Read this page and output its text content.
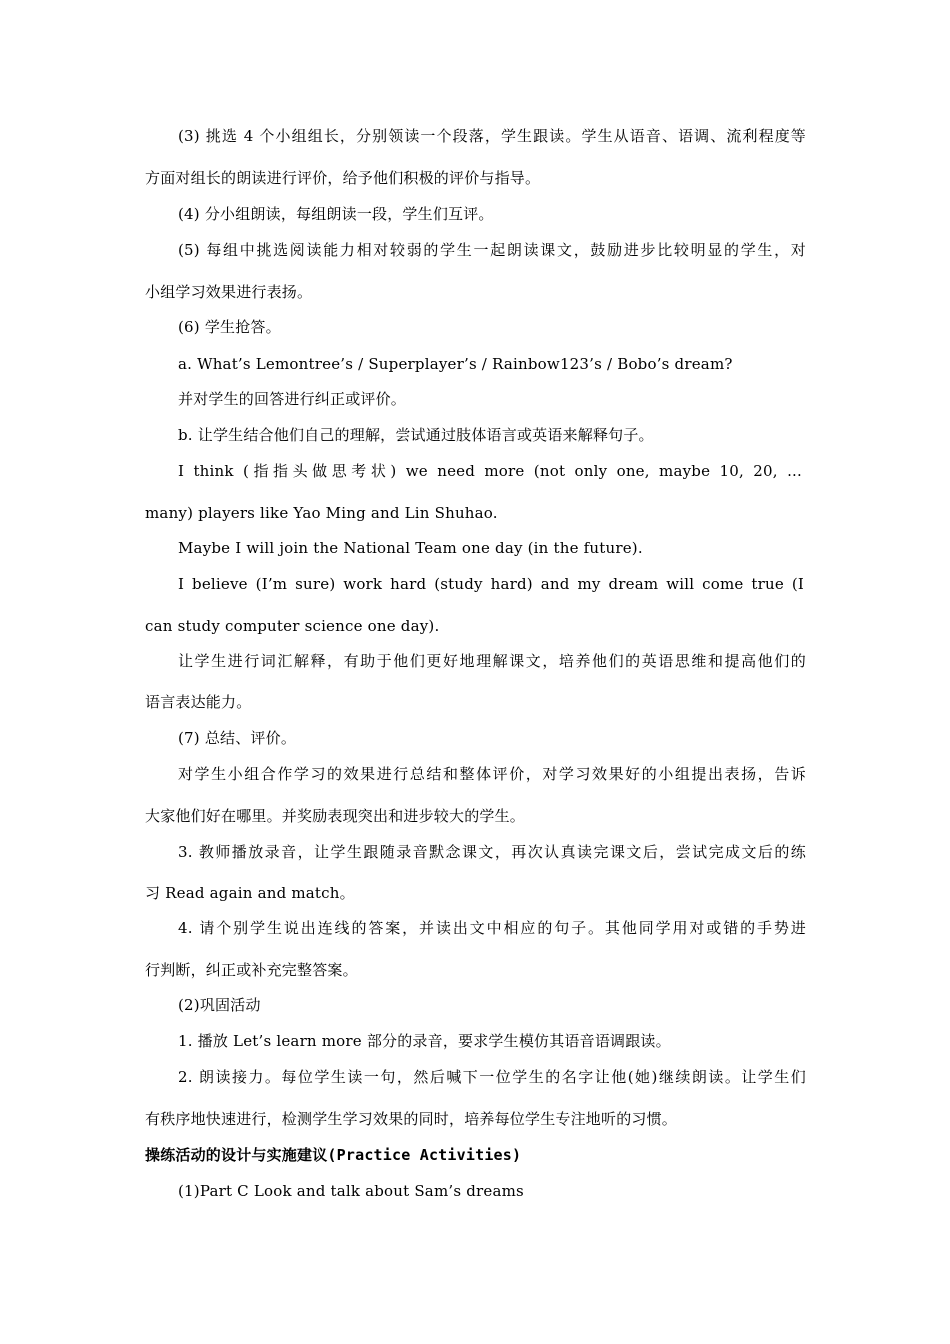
(3) 挑选 4 个小组组长，分别领读一个段落，学生跟读。学生从语音、语调、流利程度等
方面对组长的朗读进行评价，给予他们积极的评价与指导。
(4) 分小组朗读，每组朗读一段，学生们互评。
(5) 每组中挑选阅读能力相对较弱的学生一起朗读课文，鼓励进步比较明显的学生，对
小组学习效果进行表扬。
(6) 学生抢答。
a. What’s Lemontree’s / Superplayer’s / Rainbow123’s / Bobo’s dream?
并对学生的回答进行纠正或评价。
b. 让学生结合他们自己的理解，尝试通过肢体语言或英语来解释句子。
I think (指指头做思考状) we need more (not only one, maybe 10, 20, ...
many) players like Yao Ming and Lin Shuhao.
Maybe I will join the National Team one day (in the future).
I believe (I’m sure) work hard (study hard) and my dream will come true (I
can study computer science one day).
让学生进行词汇解释，有助于他们更好地理解课文，培养他们的英语思维和提高他们的
语言表达能力。
(7) 总结、评价。
对学生小组合作学习的效果进行总结和整体评价，对学习效果好的小组提出表扬，告诉
大家他们好在哪里。并奖励表现突出和进步较大的学生。
3. 教师播放录音，让学生跟随录音默念课文，再次认真读完课文后，尝试完成文后的练
习 Read again and match。
4. 请个别学生说出连线的答案，并读出文中相应的句子。其他同学用对或错的手势进
行判断，纠正或补充完整答案。
(2)巩固活动
1. 播放 Let’s learn more 部分的录音，要求学生模仿其语音语调跟读。
2. 朗读接力。每位学生读一句，然后喊下一位学生的名字让他(她)继续朗读。让学生们
有秩序地快速进行，检测学生学习效果的同时，培养每位学生专注地听的习惯。
操练活动的设计与实施建议(Practice Activities)
(1)Part C Look and talk about Sam’s dreams
